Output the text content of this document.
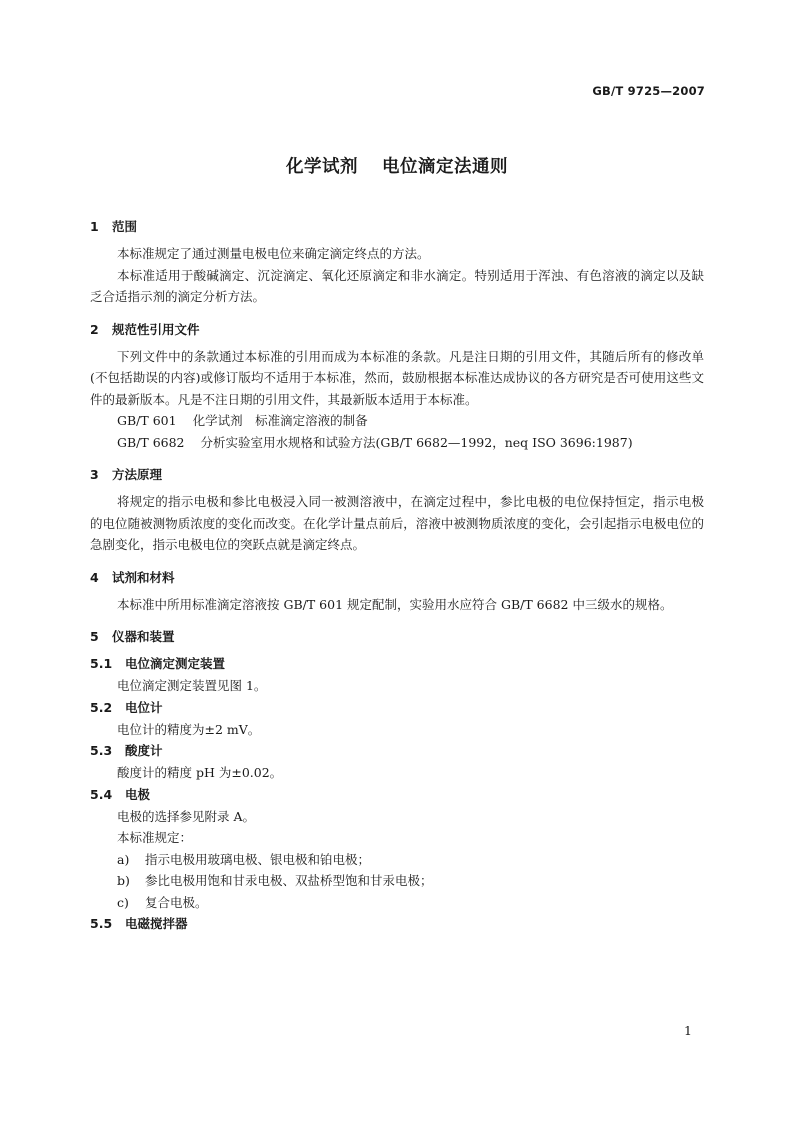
GB/T 9725—2007
化学试剂 电位滴定法通则
1 范围

本标准规定了通过测量电极电位来确定滴定终点的方法。

本标准适用于酸碱滴定、沉淀滴定、氧化还原滴定和非水滴定。特别适用于浑浊、有色溶液的滴定以及缺乏合适指示剂的滴定分析方法。

2 规范性引用文件

下列文件中的条款通过本标准的引用而成为本标准的条款。凡是注日期的引用文件，其随后所有的修改单(不包括勘误的内容)或修订版均不适用于本标准，然而，鼓励根据本标准达成协议的各方研究是否可使用这些文件的最新版本。凡是不注日期的引用文件，其最新版本适用于本标准。

GB/T 601 化学试剂　标准滴定溶液的制备

GB/T 6682 分析实验室用水规格和试验方法(GB/T 6682—1992，neq ISO 3696:1987)

3 方法原理

将规定的指示电极和参比电极浸入同一被测溶液中，在滴定过程中，参比电极的电位保持恒定，指示电极的电位随被测物质浓度的变化而改变。在化学计量点前后，溶液中被测物质浓度的变化，会引起指示电极电位的急剧变化，指示电极电位的突跃点就是滴定终点。

4 试剂和材料

本标准中所用标准滴定溶液按 GB/T 601 规定配制，实验用水应符合 GB/T 6682 中三级水的规格。

5 仪器和装置
5.1 电位滴定测定装置

电位滴定测定装置见图 1。

5.2 电位计

电位计的精度为±2 mV。

5.3 酸度计

酸度计的精度 pH 为±0.02。

5.4 电极

电极的选择参见附录 A。

本标准规定：

a) 指示电极用玻璃电极、银电极和铂电极；

b) 参比电极用饱和甘汞电极、双盐桥型饱和甘汞电极；

c) 复合电极。

5.5 电磁搅拌器
1
